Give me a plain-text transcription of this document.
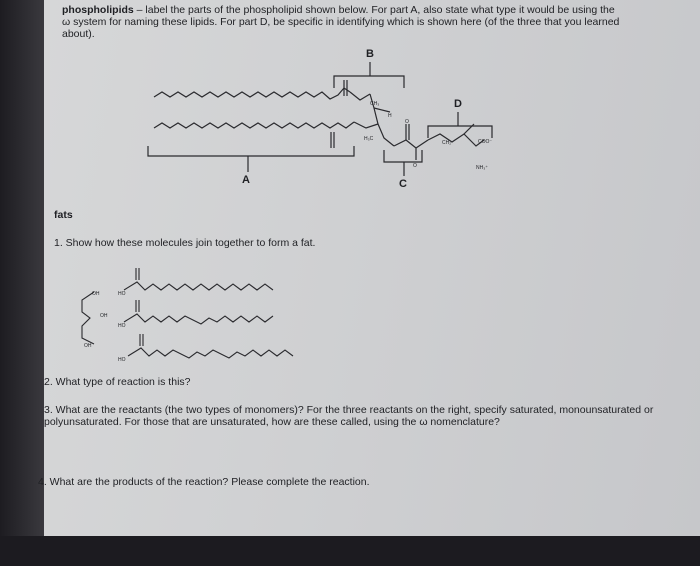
phospholipids – label the parts of the phospholipid shown below. For part A, also state what type it would be using the ω system for naming these lipids. For part D, be specific in identifying which is shown here (of the three that you learned about).
B
A	C
D
CH₃
H₃C
H
O
O
CH₂	COO⁻
NH₃⁺
OH
OH
OH
HO
HO
HO
fats
1. Show how these molecules join together to form a fat.
2. What type of reaction is this?
3. What are the reactants (the two types of monomers)? For the three reactants on the right, specify saturated, monounsaturated or polyunsaturated. For those that are unsaturated, how are these called, using the ω nomenclature?
4. What are the products of the reaction? Please complete the reaction.
